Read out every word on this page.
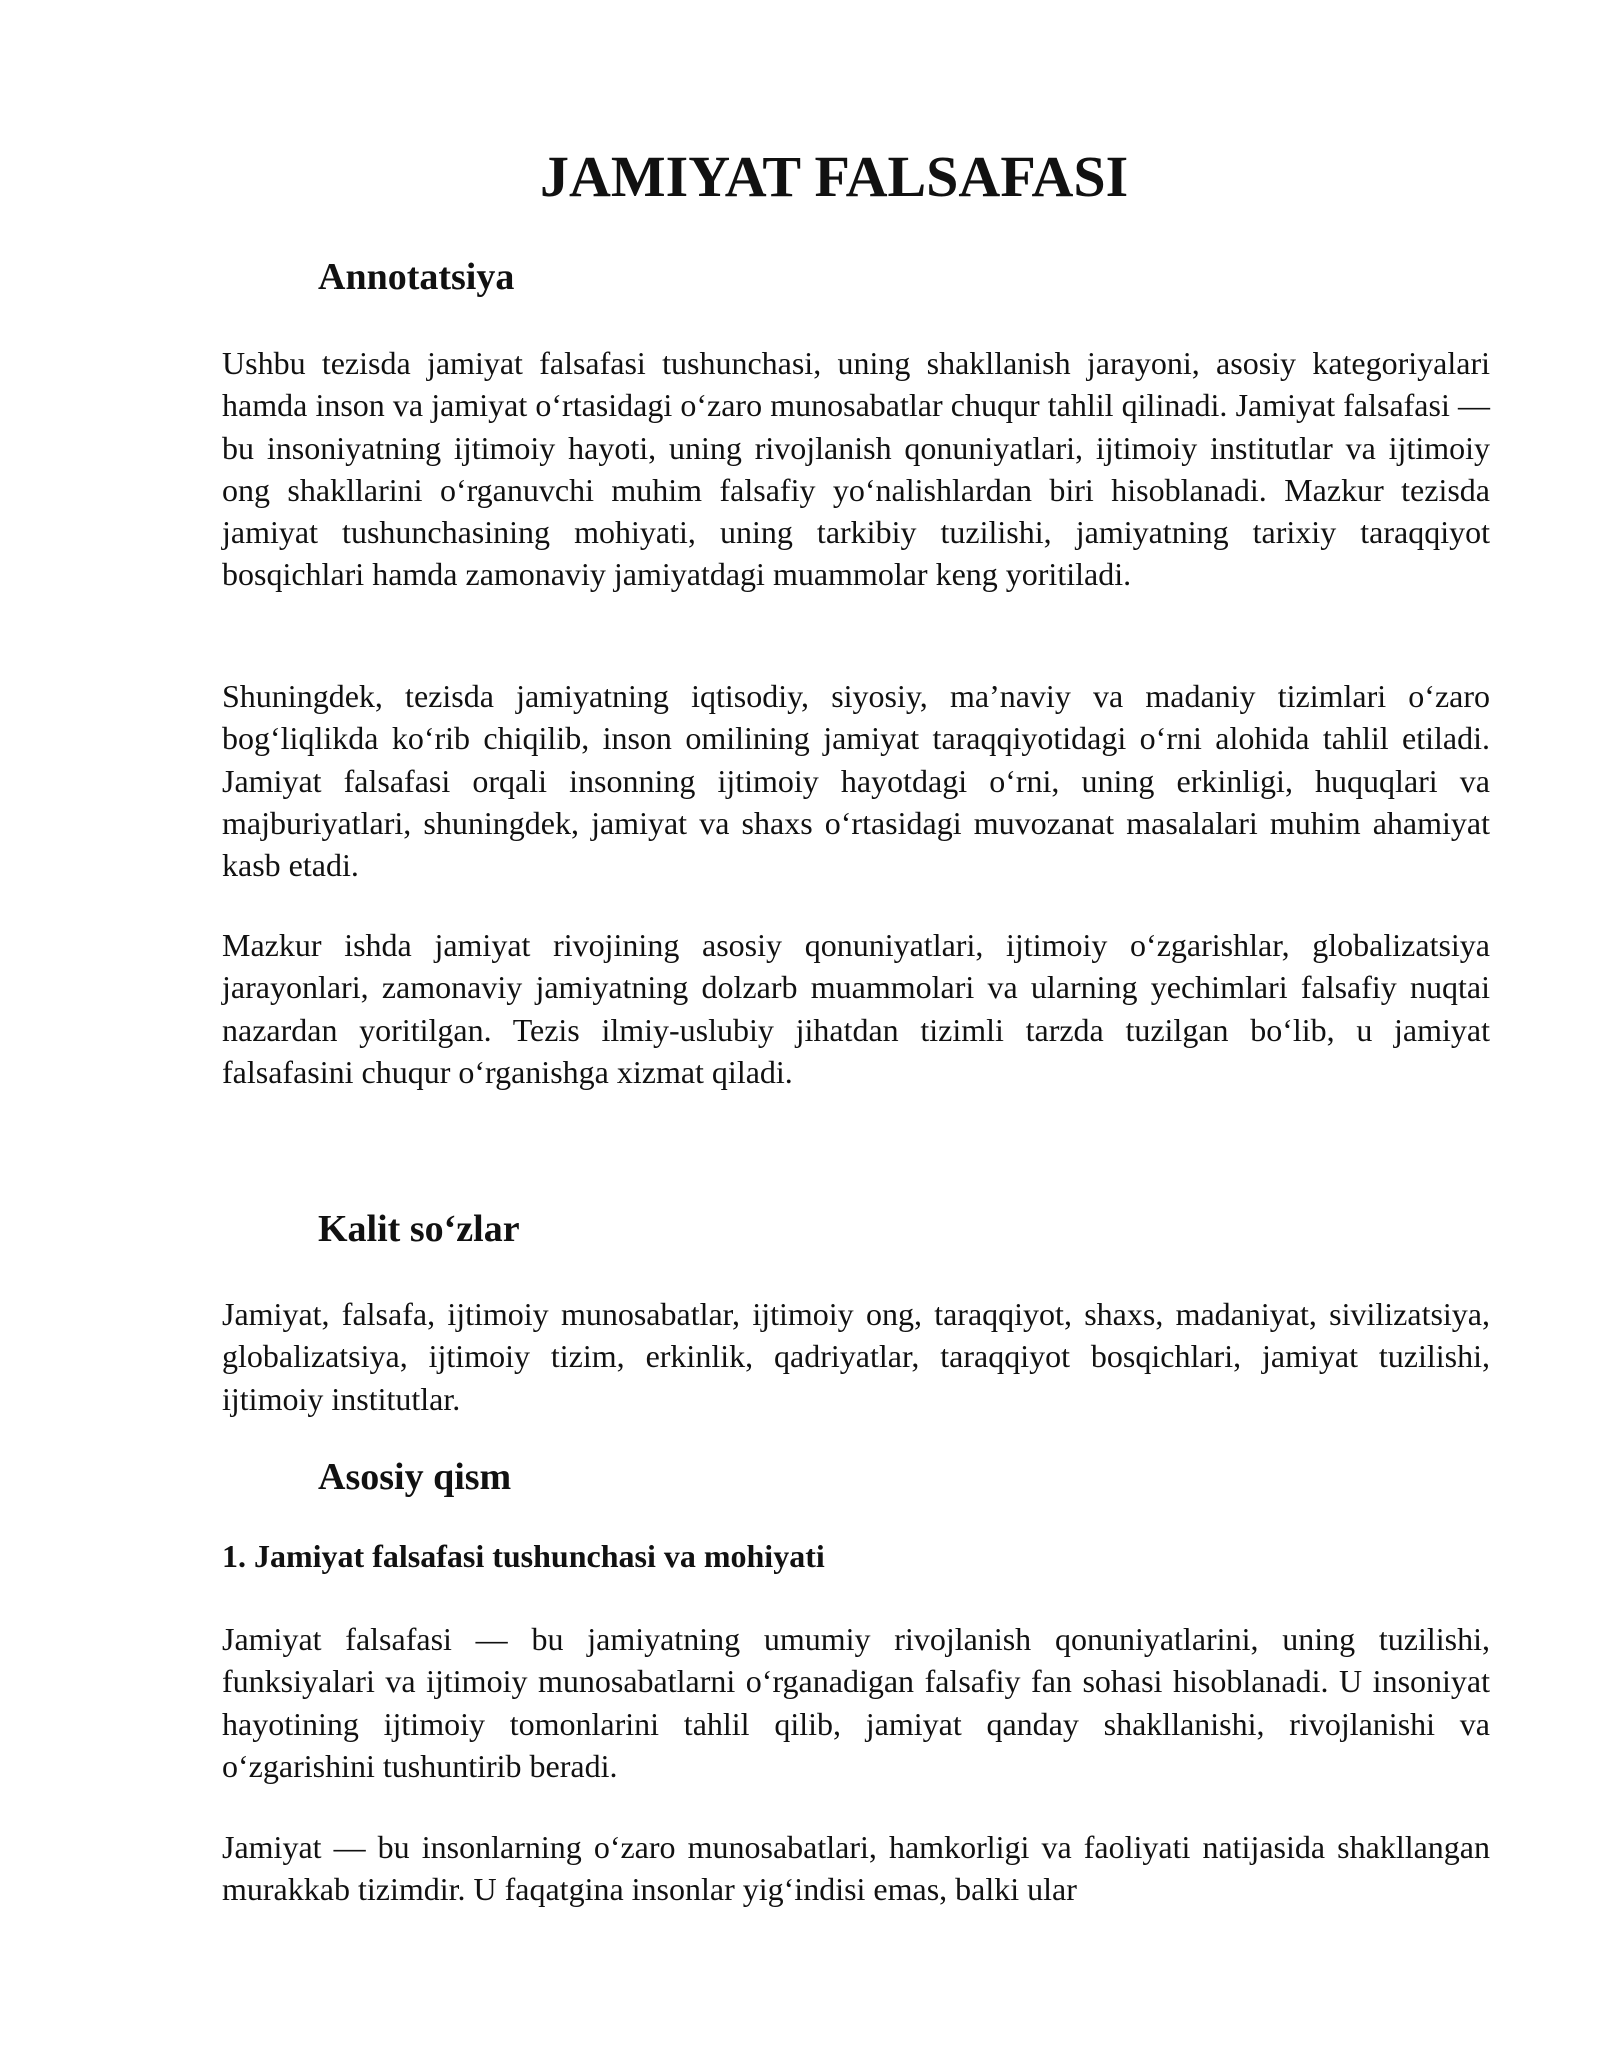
JAMIYAT FALSAFASI
Annotatsiya

Ushbu tezisda jamiyat falsafasi tushunchasi, uning shakllanish jarayoni, asosiy kategoriyalari hamda inson va jamiyat o‘rtasidagi o‘zaro munosabatlar chuqur tahlil qilinadi. Jamiyat falsafasi — bu insoniyatning ijtimoiy hayoti, uning rivojlanish qonuniyatlari, ijtimoiy institutlar va ijtimoiy ong shakllarini o‘rganuvchi muhim falsafiy yo‘nalishlardan biri hisoblanadi. Mazkur tezisda jamiyat tushunchasining mohiyati, uning tarkibiy tuzilishi, jamiyatning tarixiy taraqqiyot bosqichlari hamda zamonaviy jamiyatdagi muammolar keng yoritiladi.

Shuningdek, tezisda jamiyatning iqtisodiy, siyosiy, ma’naviy va madaniy tizimlari o‘zaro bog‘liqlikda ko‘rib chiqilib, inson omilining jamiyat taraqqiyotidagi o‘rni alohida tahlil etiladi. Jamiyat falsafasi orqali insonning ijtimoiy hayotdagi o‘rni, uning erkinligi, huquqlari va majburiyatlari, shuningdek, jamiyat va shaxs o‘rtasidagi muvozanat masalalari muhim ahamiyat kasb etadi.

Mazkur ishda jamiyat rivojining asosiy qonuniyatlari, ijtimoiy o‘zgarishlar, globalizatsiya jarayonlari, zamonaviy jamiyatning dolzarb muammolari va ularning yechimlari falsafiy nuqtai nazardan yoritilgan. Tezis ilmiy-uslubiy jihatdan tizimli tarzda tuzilgan bo‘lib, u jamiyat falsafasini chuqur o‘rganishga xizmat qiladi.

Kalit so‘zlar

Jamiyat, falsafa, ijtimoiy munosabatlar, ijtimoiy ong, taraqqiyot, shaxs, madaniyat, sivilizatsiya, globalizatsiya, ijtimoiy tizim, erkinlik, qadriyatlar, taraqqiyot bosqichlari, jamiyat tuzilishi, ijtimoiy institutlar.

Asosiy qism
1. Jamiyat falsafasi tushunchasi va mohiyati

Jamiyat falsafasi — bu jamiyatning umumiy rivojlanish qonuniyatlarini, uning tuzilishi, funksiyalari va ijtimoiy munosabatlarni o‘rganadigan falsafiy fan sohasi hisoblanadi. U insoniyat hayotining ijtimoiy tomonlarini tahlil qilib, jamiyat qanday shakllanishi, rivojlanishi va o‘zgarishini tushuntirib beradi.

Jamiyat — bu insonlarning o‘zaro munosabatlari, hamkorligi va faoliyati natijasida shakllangan murakkab tizimdir. U faqatgina insonlar yig‘indisi emas, balki ular
